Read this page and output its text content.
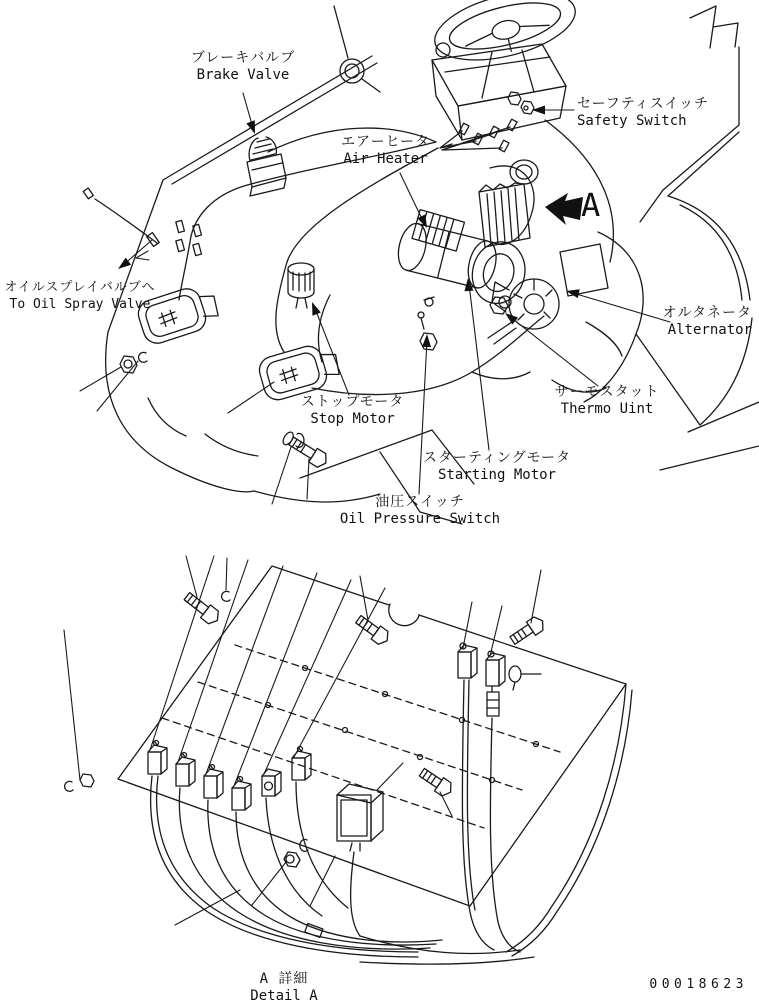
ブレーキバルブ
Brake Valve
セーフティスイッチ
Safety Switch
エアーヒータ
Air Heater
オイルスプレイバルブへ
To Oil Spray Valve
オルタネータ
Alternator
ストップモータ
Stop Motor
サーモスタット
Thermo Uint
スターティングモータ
Starting Motor
油圧スイッチ
Oil Pressure Switch
A
A 詳細
Detail A
00018623
